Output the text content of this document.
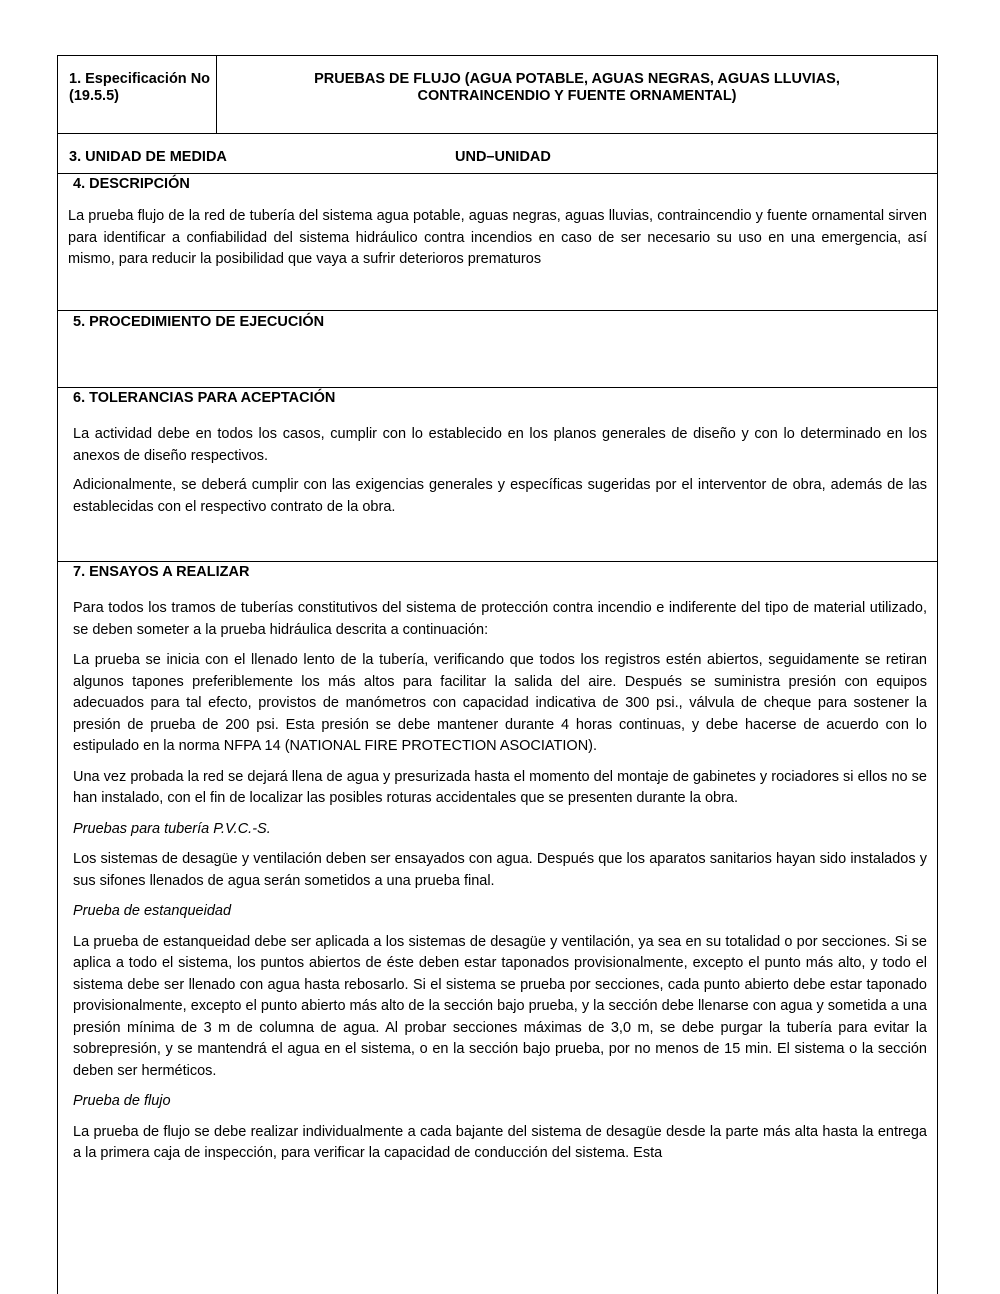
1. Especificación No (19.5.5)
PRUEBAS DE FLUJO (AGUA POTABLE, AGUAS NEGRAS, AGUAS LLUVIAS, CONTRAINCENDIO Y FUENTE ORNAMENTAL)
3. UNIDAD DE MEDIDA	UND–UNIDAD
4. DESCRIPCIÓN

La prueba flujo de la red de tubería del sistema agua potable, aguas negras, aguas lluvias, contraincendio y fuente ornamental sirven para identificar a confiabilidad del sistema hidráulico contra incendios en caso de ser necesario su uso en una emergencia, así mismo, para reducir la posibilidad que vaya a sufrir deterioros prematuros

5. PROCEDIMIENTO DE EJECUCIÓN
6. TOLERANCIAS PARA ACEPTACIÓN

La actividad debe en todos los casos, cumplir con lo establecido en los planos generales de diseño y con lo determinado en los anexos de diseño respectivos.

Adicionalmente, se deberá cumplir con las exigencias generales y específicas sugeridas por el interventor de obra, además de las establecidas con el respectivo contrato de la obra.

7. ENSAYOS A REALIZAR

Para todos los tramos de tuberías constitutivos del sistema de protección contra incendio e indiferente del tipo de material utilizado, se deben someter a la prueba hidráulica descrita a continuación:

La prueba se inicia con el llenado lento de la tubería, verificando que todos los registros estén abiertos, seguidamente se retiran algunos tapones preferiblemente los más altos para facilitar la salida del aire. Después se suministra presión con equipos adecuados para tal efecto, provistos de manómetros con capacidad indicativa de 300 psi., válvula de cheque para sostener la presión de prueba de 200 psi. Esta presión se debe mantener durante 4 horas continuas, y debe hacerse de acuerdo con lo estipulado en la norma NFPA 14 (NATIONAL FIRE PROTECTION ASOCIATION).

Una vez probada la red se dejará llena de agua y presurizada hasta el momento del montaje de gabinetes y rociadores si ellos no se han instalado, con el fin de localizar las posibles roturas accidentales que se presenten durante la obra.

Pruebas para tubería P.V.C.-S.

Los sistemas de desagüe y ventilación deben ser ensayados con agua. Después que los aparatos sanitarios hayan sido instalados y sus sifones llenados de agua serán sometidos a una prueba final.

Prueba de estanqueidad

La prueba de estanqueidad debe ser aplicada a los sistemas de desagüe y ventilación, ya sea en su totalidad o por secciones. Si se aplica a todo el sistema, los puntos abiertos de éste deben estar taponados provisionalmente, excepto el punto más alto, y todo el sistema debe ser llenado con agua hasta rebosarlo. Si el sistema se prueba por secciones, cada punto abierto debe estar taponado provisionalmente, excepto el punto abierto más alto de la sección bajo prueba, y la sección debe llenarse con agua y sometida a una presión mínima de 3 m de columna de agua. Al probar secciones máximas de 3,0 m, se debe purgar la tubería para evitar la sobrepresión, y se mantendrá el agua en el sistema, o en la sección bajo prueba, por no menos de 15 min. El sistema o la sección deben ser herméticos.

Prueba de flujo

La prueba de flujo se debe realizar individualmente a cada bajante del sistema de desagüe desde la parte más alta hasta la entrega a la primera caja de inspección, para verificar la capacidad de conducción del sistema. Esta
